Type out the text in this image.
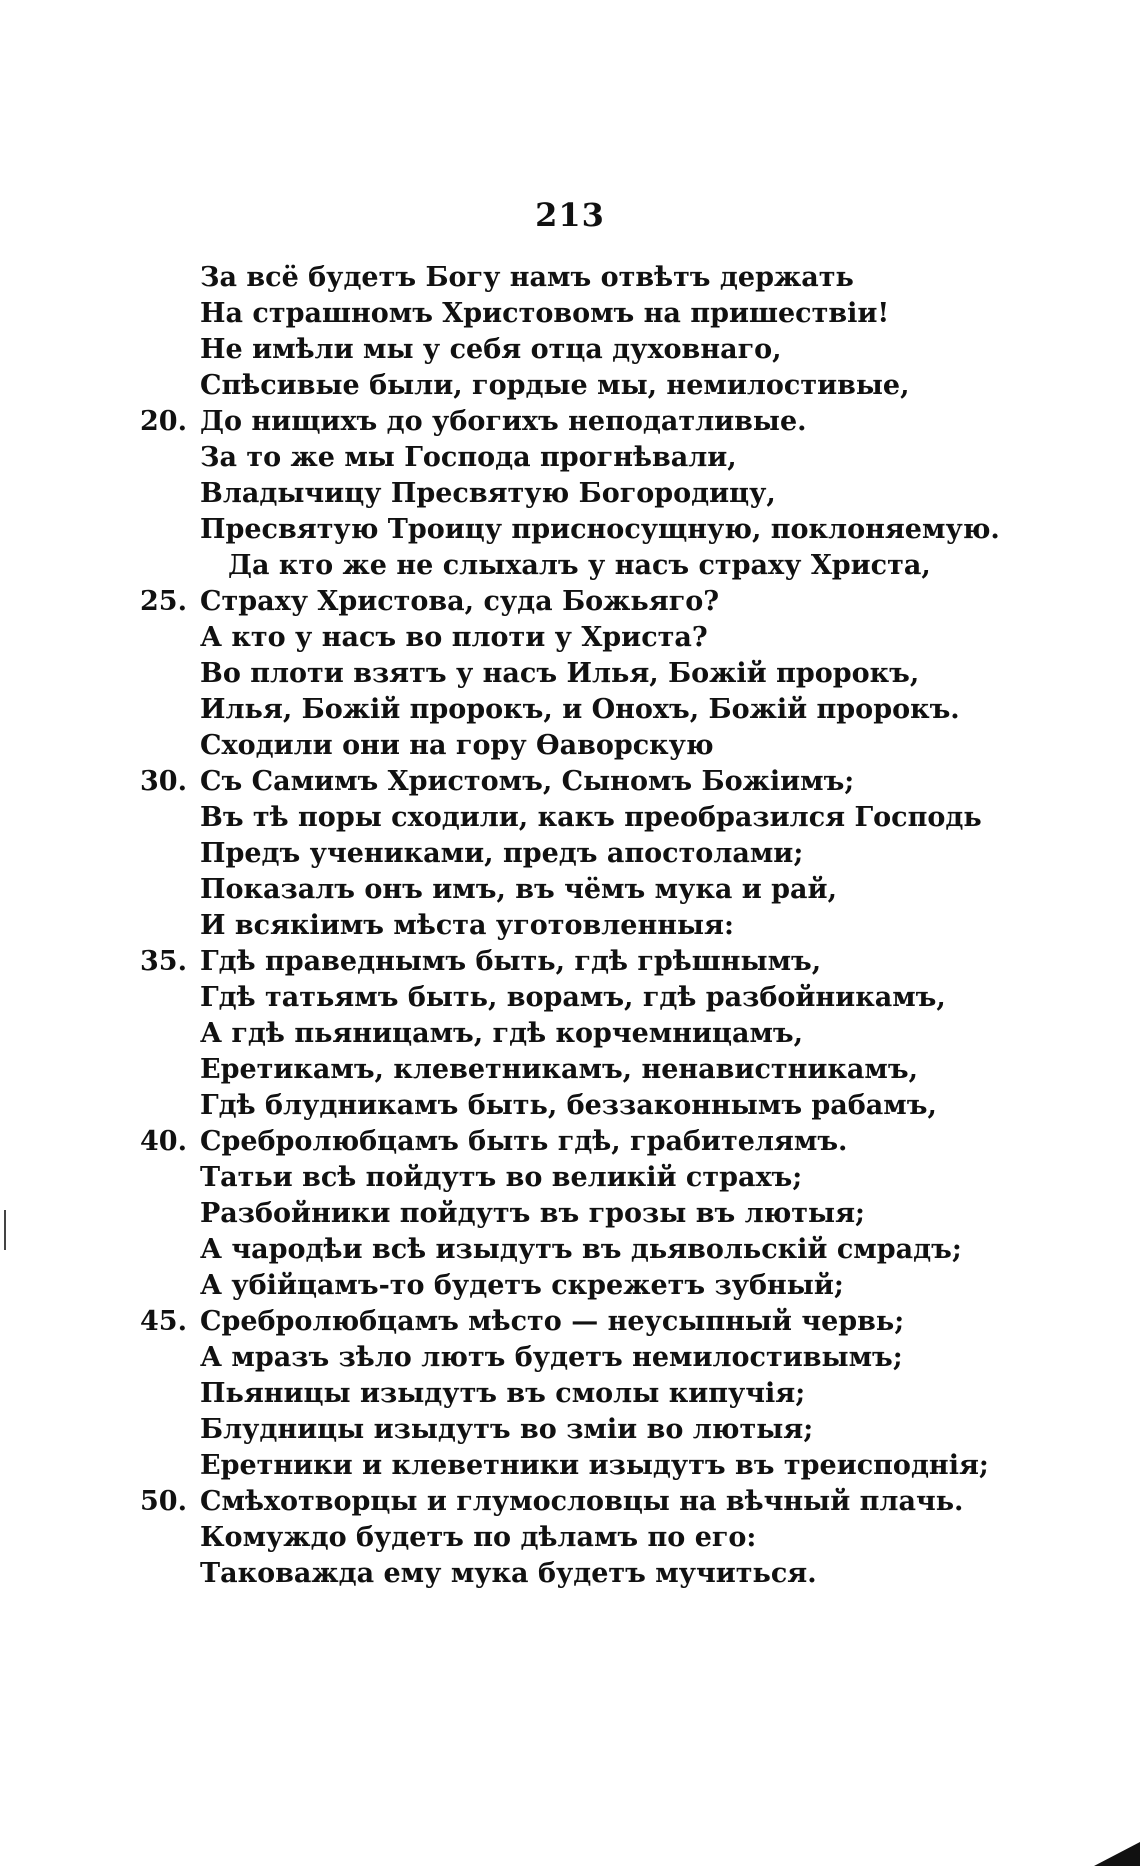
213
За всё будетъ Богу намъ отвѣтъ держать
На страшномъ Христовомъ на пришествіи!
Не имѣли мы у себя отца духовнаго,
Спѣсивые были, гордые мы, немилостивые,
20. До нищихъ до убогихъ неподатливые.
За то же мы Господа прогнѣвали,
Владычицу Пресвятую Богородицу,
Пресвятую Троицу присносущную, поклоняемую.
Да кто же не слыхалъ у насъ страху Христа,
25. Страху Христова, суда Божьяго?
А кто у насъ во плоти у Христа?
Во плоти взятъ у насъ Илья, Божій пророкъ,
Илья, Божій пророкъ, и Онохъ, Божій пророкъ.
Сходили они на гору Ѳаворскую
30. Съ Самимъ Христомъ, Сыномъ Божіимъ;
Въ тѣ поры сходили, какъ преобразился Господь
Предъ учениками, предъ апостолами;
Показалъ онъ имъ, въ чёмъ мука и рай,
И всякіимъ мѣста уготовленныя:
35. Гдѣ праведнымъ быть, гдѣ грѣшнымъ,
Гдѣ татьямъ быть, ворамъ, гдѣ разбойникамъ,
А гдѣ пьяницамъ, гдѣ корчемницамъ,
Еретикамъ, клеветникамъ, ненавистникамъ,
Гдѣ блудникамъ быть, беззаконнымъ рабамъ,
40. Сребролюбцамъ быть гдѣ, грабителямъ.
Татьи всѣ пойдутъ во великій страхъ;
Разбойники пойдутъ въ грозы въ лютыя;
А чародѣи всѣ изыдутъ въ дьявольскій смрадъ;
А убійцамъ-то будетъ скрежетъ зубный;
45. Сребролюбцамъ мѣсто — неусыпный червь;
А мразъ зѣло лютъ будетъ немилостивымъ;
Пьяницы изыдутъ въ смолы кипучія;
Блудницы изыдутъ во зміи во лютыя;
Еретники и клеветники изыдутъ въ треисподнія;
50. Смѣхотворцы и глумословцы на вѣчный плачь.
Комуждо будетъ по дѣламъ по его:
Таковажда ему мука будетъ мучиться.
